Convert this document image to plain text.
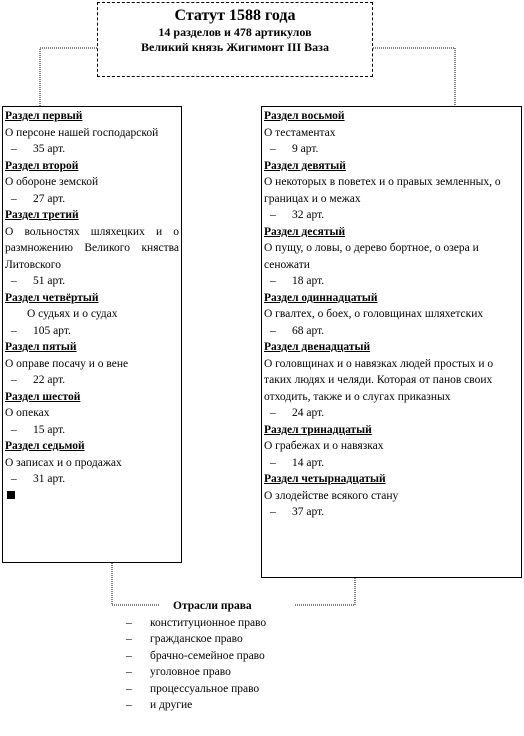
Статут 1588 года
14 разделов и 478 артикулов
Великий князь Жигимонт III Ваза
Раздел первый
О персоне нашей господарской
– 35 арт.
Раздел второй
О обороне земской
– 27 арт.
Раздел третий
О вольностях шляхецких и о размножению Великого княства Литовского
– 51 арт.
Раздел четвёртый
О судьях и о судах
– 105 арт.
Раздел пятый
О оправе посачу и о вене
– 22 арт.
Раздел шестой
О опеках
– 15 арт.
Раздел седьмой
О записах и о продажах
– 31 арт.
Раздел восьмой
О тестаментах
– 9 арт.
Раздел девятый
О некоторых в повeтех и о правых земленных, о границах и о межах
– 32 арт.
Раздел десятый
О пущу, о ловы, о дерево бортное, о озера и сеножати
– 18 арт.
Раздел одиннадцатый
О гвалтех, о боех, о головщинах шляхетских
– 68 арт.
Раздел двенадцатый
О головщинах и о навязках людей простых и о таких людях и челяди. Которая от панов своих отходить, также и о слугах приказных
– 24 арт.
Раздел тринадцатый
О грабежах и о навязках
– 14 арт.
Раздел четырнадцатый
О злодействе всякого стану
– 37 арт.
Отрасли права
– конституционное право
– гражданское право
– брачно-семейное право
– уголовное право
– процессуальное право
– и другие
